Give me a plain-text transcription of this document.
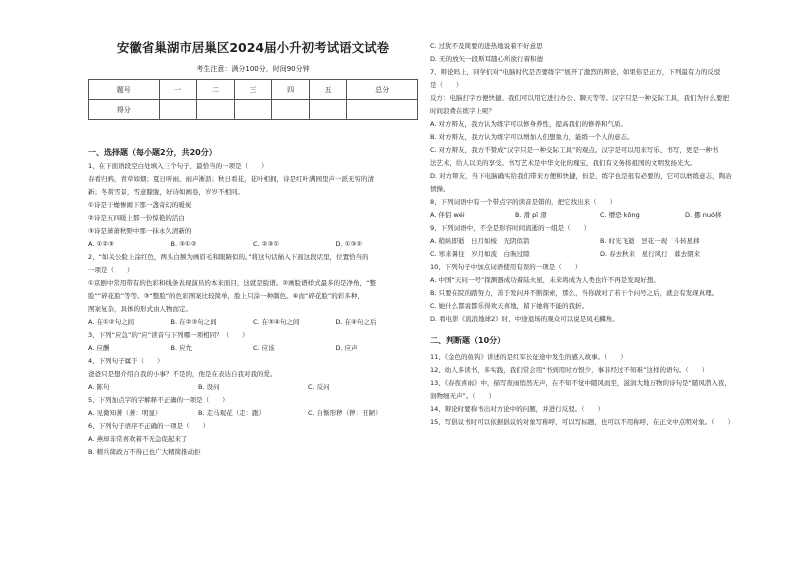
安徽省巢湖市居巢区2024届小升初考试语文试卷
考生注意：满分100分，时间90分钟
题号	一	二	三	四	五	总分
得分						
一、选择题（每小题2分，共20分）
1、在下面语段空白处填入三个句子，最恰当的一项是（　　）
春看归鸦，青草如烟；夏日听雨，雨声淅沥；秋日看花，花叶相拥，诗是红叶满园里声一派无穷的清
新；冬赏雪景，雪意朦胧，好诗如画卷，岁岁不相同。
①诗是干燥惨闹下那一盏奇幻的暖炭
②诗是五四暖上那一份惊艳的活白
③诗是萧萧秋野中那一抹永久清新的
A. ①②③	B. ③①②	C. ②③①	D. ①③②
2、“如关公脸上涂红色，两头白额为画眉毛和眼睛似的。”将这句话插入下面这段话里，位置恰当的
一项是（　　）
①京剧中常用带有的色彩和线条表现演员的本来面目，这就是脸谱。②画脸谱样式最多的是净角，“整
脸”“碎花脸”等等。③“整脸”的色彩图案比较简单，脸上只涂一种颜色。④而“碎花脸”的彩多种，
图案复杂，具体的形式由人物而定。
A. 在①②句之间	B. 在②③句之间	C. 在③④句之间	D. 在④句之后
3、下列“应急”的“应”读音与下列哪一项相同？（　　）
A. 应酬	B. 应允	C. 应该	D. 应声
4、下列句子属于（　　）
爸爸只是想介绍自我的小事？不是的，他是在表达自我对我的爱。
A. 陈句	B. 设问	C. 反问
5、下列加点字的字解释不正确的一项是（　　）
A. 见微知著（著：明显）	B. 走马观花（走：跑）	C. 自惭形秽（秽：丑陋）
6、下列句子语序不正确的一项是（　　）
A. 燕却非常喜欢着不无急促起来了
B. 精兵简政万不得已也广大精简推动拒
C. 过犹不及简要的进热地说着不好意思
D. 无的放矢一段斯耳随心所欲行着积德
7、辩论吗上，同学们对“电脑时代是否要练字”展开了激烈的辩论，如果你是正方，下列最有力的反驳
是（　　）
反方：电脑打字方便快捷。我们可以用它进行办公、聊天等等。汉字只是一种交际工具，我们为什么要把
时间浪费在练字上呢？
A. 对方辩友，我方认为练字可以修身养性，提高我们的修养和气质。
B. 对方辩友，我方认为练字可以增加人们想象力，能练一个人的意志。
C. 对方辩友，我方不赞成“汉字只是一种交际工具”的观点。汉字是可以用来写乐、书写，更是一种书
法艺术，给人以美的享受。书写艺术是中华文化的瑰宝，我们有义务将祖国的文明发扬光大。
D. 对方辩友，当下电脑确实给我们带来方便和快捷，但是，练字也是很有必要的，它可以磨练意志，陶冶
情操。
8、下列词语中有一个带点字的读音是错的，把它找出来（　　）
A. 伴侣 wéi	B. 滑 pī 滑	C. 懵恐 kǒng	D. 挪 nuó移
9、下列词语中，不全是形容时间流逝的一组是（　　）
A. 稍纵即逝　日月如梭　光阴似箭	B. 时光飞逝　昙花一现　斗转星移
C. 寒来暑往　岁月如流　白驹过隙	D. 春去秋来　星行风行　暮去朝来
10、下列句子中加点词语使用有误的一项是（　　）
A. 中国“天问一号”探测器成功着陆火星，未来将成为人类也许不再是发现好想。
B. 只要在院的踏努力，善于发问并不断探索，那么，当你做对了若干个问号之后，就会有发现真理。
C. 她什么都说都乐得欢天喜地，留下她将不能的我折。
D. 看电影《流浪地球2》时，中途退场的观众可以说是凤毛麟角。
二、判断题（10分）
11、《金色的鱼钩》讲述的是红军长征途中发生的感人故事。（　　）
12、幼人多读书，多实践，我们常会用“书到用时方恨少，事非经过不知难”这样的语句。（　　）
13、《春夜喜雨》中，描写夜雨悄然无声，在不知不觉中随风而至，滋润大地万物的诗句是“随风潜入夜，
润物细无声”。（　　）
14、辩论时要称书出对方论中的问题，并进行反驳。（　　）
15、写倡议书时可以依据倡议的对象写称呼，可以写标题，也可以不用称呼，在正文中点明对象。（　　）
